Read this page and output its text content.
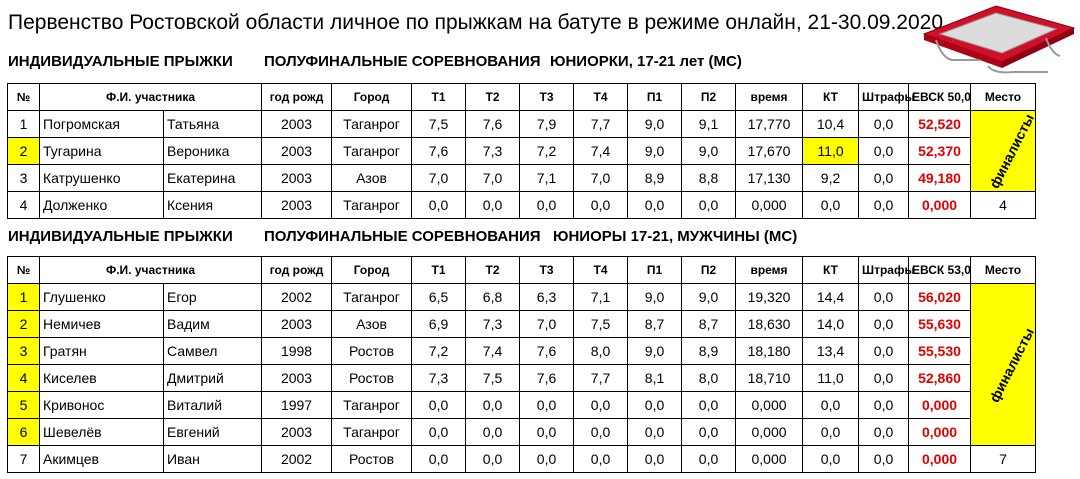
Первенство Ростовской области личное по прыжкам на батуте в режиме онлайн, 21-30.09.2020
ИНДИВИДУАЛЬНЫЕ ПРЫЖКИ ПОЛУФИНАЛЬНЫЕ СОРЕВНОВАНИЯ ЮНИОРКИ, 17-21 лет (МС)
№	Ф.И. участника		год рожд	Город	Т1	Т2	Т3	Т4	П1	П2	время	КТ	Штрафы	ЕВСК 50,0	Место
1	Погромская	Татьяна	2003	Таганрог	7,5	7,6	7,9	7,7	9,0	9,1	17,770	10,4	0,0	52,520	финалисты
2	Тугарина	Вероника	2003	Таганрог	7,6	7,3	7,2	7,4	9,0	9,0	17,670	11,0	0,0	52,370	
3	Катрушенко	Екатерина	2003	Азов	7,0	7,0	7,1	7,0	8,9	8,8	17,130	9,2	0,0	49,180	
4	Долженко	Ксения	2003	Таганрог	0,0	0,0	0,0	0,0	0,0	0,0	0,000	0,0	0,0	0,000	4
ИНДИВИДУАЛЬНЫЕ ПРЫЖКИ ПОЛУФИНАЛЬНЫЕ СОРЕВНОВАНИЯ ЮНИОРЫ 17-21, МУЖЧИНЫ (МС)
№	Ф.И. участника		год рожд	Город	Т1	Т2	Т3	Т4	П1	П2	время	КТ	Штрафы	ЕВСК 53,0	Место
1	Глушенко	Егор	2002	Таганрог	6,5	6,8	6,3	7,1	9,0	9,0	19,320	14,4	0,0	56,020	финалисты
2	Немичев	Вадим	2003	Азов	6,9	7,3	7,0	7,5	8,7	8,7	18,630	14,0	0,0	55,630	
3	Гратян	Самвел	1998	Ростов	7,2	7,4	7,6	8,0	9,0	8,9	18,180	13,4	0,0	55,530	
4	Киселев	Дмитрий	2003	Ростов	7,3	7,5	7,6	7,7	8,1	8,0	18,710	11,0	0,0	52,860	
5	Кривонос	Виталий	1997	Таганрог	0,0	0,0	0,0	0,0	0,0	0,0	0,000	0,0	0,0	0,000	
6	Шевелёв	Евгений	2003	Таганрог	0,0	0,0	0,0	0,0	0,0	0,0	0,000	0,0	0,0	0,000	
7	Акимцев	Иван	2002	Ростов	0,0	0,0	0,0	0,0	0,0	0,0	0,000	0,0	0,0	0,000	7
